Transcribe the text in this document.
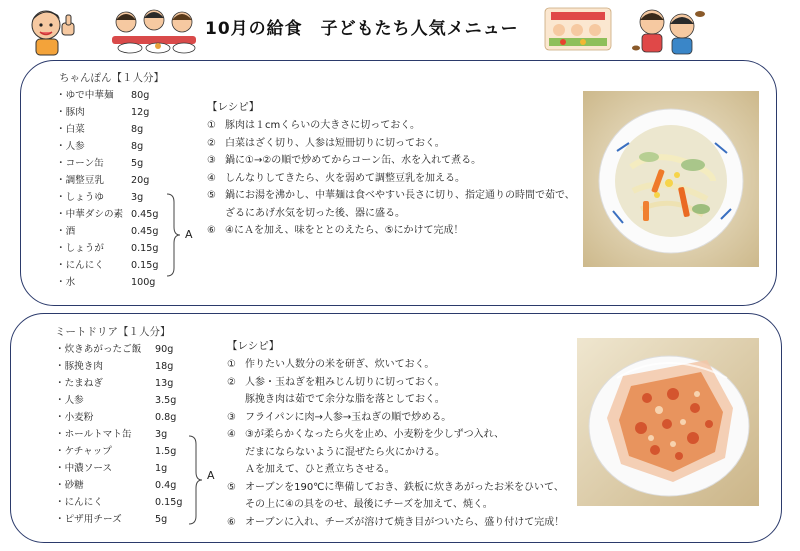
10月の給食　子どもたち人気メニュー
ちゃんぽん【１人分】
・ゆで中華麺 80g
・豚肉	12g
・白菜	8g
・人参	8g
・コーン缶	5g
・調整豆乳	20g
・しょうゆ	3g
・中華ダシの素 0.45g
・酒	0.45g
・しょうが	0.15g
・にんにく	0.15g
・水	100g
A
【レシピ】
① 豚肉は１cmくらいの大きさに切っておく。
② 白菜はざく切り、人参は短冊切りに切っておく。
③ 鍋に①→②の順で炒めてからコーン缶、水を入れて煮る。
④ しんなりしてきたら、火を弱めて調整豆乳を加える。
⑤ 鍋にお湯を沸かし、中華麺は食べやすい長さに切り、指定通りの時間で茹で、
ざるにあげ水気を切った後、器に盛る。
⑥ ④にＡを加え、味をととのえたら、⑤にかけて完成！
ミートドリア【１人分】
・炊きあがったご飯 90g
・豚挽き肉	18g
・たまねぎ	13g
・人参	3.5g
・小麦粉	0.8g
・ホールトマト缶 3g
・ケチャップ	1.5g
・中濃ソース	1g
・砂糖	0.4g
・にんにく	0.15g
・ピザ用チーズ	5g
A
【レシピ】
① 作りたい人数分の米を研ぎ、炊いておく。
② 人参・玉ねぎを粗みじん切りに切っておく。
豚挽き肉は茹でて余分な脂を落としておく。
③ フライパンに肉→人参→玉ねぎの順で炒める。
④ ③が柔らかくなったら火を止め、小麦粉を少しずつ入れ、
だまにならないように混ぜたら火にかける。
Ａを加えて、ひと煮立ちさせる。
⑤ オーブンを190℃に準備しておき、鉄板に炊きあがったお米をひいて、
その上に④の具をのせ、最後にチーズを加えて、焼く。
⑥ オーブンに入れ、チーズが溶けて焼き目がついたら、盛り付けて完成！
